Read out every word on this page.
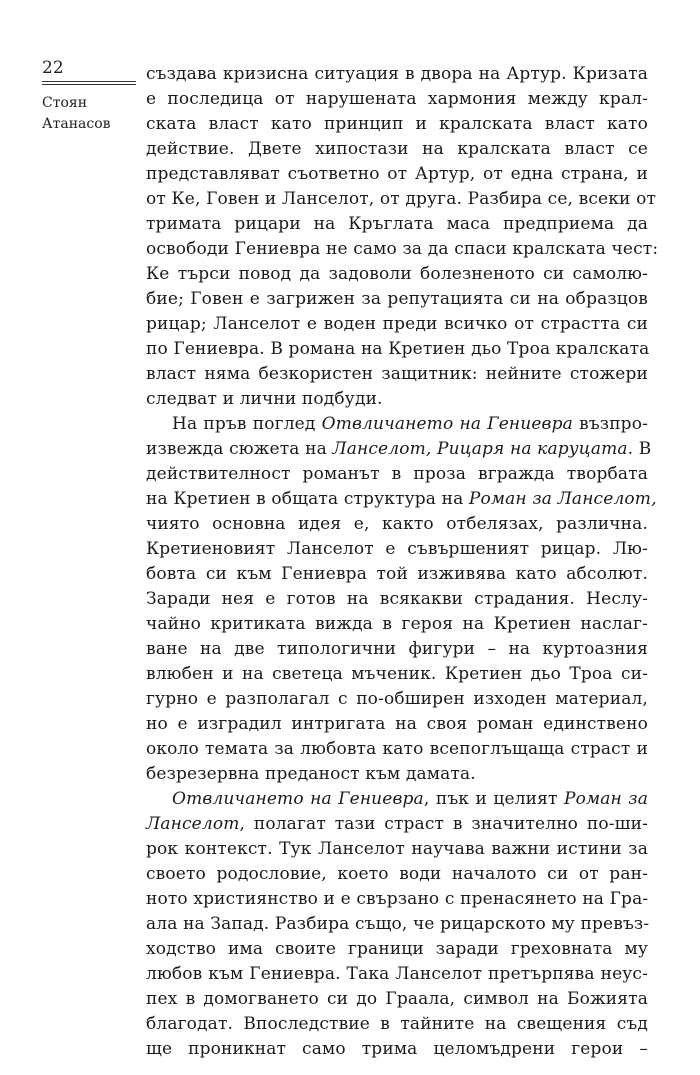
22
Стоян
Атанасов
създава кризисна ситуация в двора на Артур. Кризата
е последица от нарушената хармония между крал-
ската власт като принцип и кралската власт като
действие. Двете хипостази на кралската власт се
представляват съответно от Артур, от една страна, и
от Ке, Говен и Ланселот, от друга. Разбира се, всеки от
тримата рицари на Кръглата маса предприема да
освободи Гениевра не само за да спаси кралската чест:
Ке търси повод да задоволи болезненото си самолю-
бие; Говен е загрижен за репутацията си на образцов
рицар; Ланселот е воден преди всичко от страстта си
по Гениевра. В романа на Кретиен дьо Троа кралската
власт няма безкористен защитник: нейните стожери
следват и лични подбуди.
На пръв поглед Отвличането на Гениевра възпро-
извежда сюжета на Ланселот, Рицаря на каруцата. В
действителност романът в проза вгражда творбата
на Кретиен в общата структура на Роман за Ланселот,
чиято основна идея е, както отбелязах, различна.
Кретиеновият Ланселот е съвършеният рицар. Лю-
бовта си към Гениевра той изживява като абсолют.
Заради нея е готов на всякакви страдания. Неслу-
чайно критиката вижда в героя на Кретиен наслаг-
ване на две типологични фигури – на куртоазния
влюбен и на светеца мъченик. Кретиен дьо Троа си-
гурно е разполагал с по-обширен изходен материал,
но е изградил интригата на своя роман единствено
около темата за любовта като всепоглъщаща страст и
безрезервна преданост към дамата.
Отвличането на Гениевра, пък и целият Роман за
Ланселот, полагат тази страст в значително по-ши-
рок контекст. Тук Ланселот научава важни истини за
своето родословие, което води началото си от ран-
ното християнство и е свързано с пренасянето на Гра-
ала на Запад. Разбира също, че рицарското му превъз-
ходство има своите граници заради греховната му
любов към Гениевра. Така Ланселот претърпява неус-
пех в домогването си до Граала, символ на Божията
благодат. Впоследствие в тайните на свещения съд
ще проникнат само трима целомъдрени герои –
